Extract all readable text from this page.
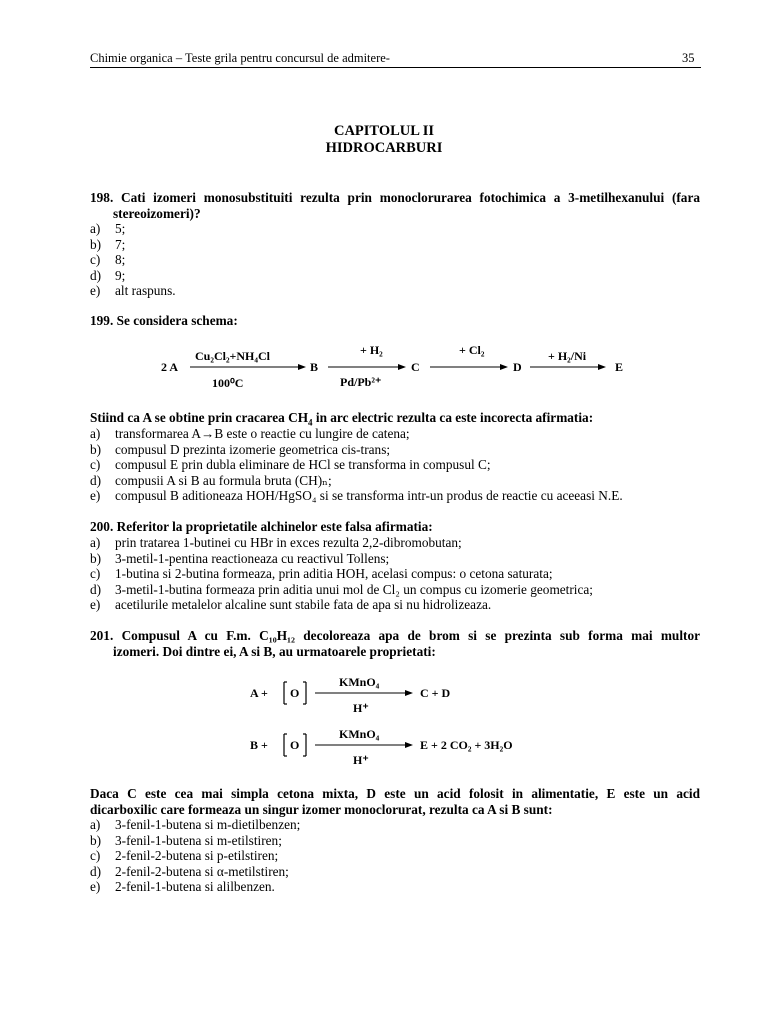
Chimie organica – Teste grila pentru concursul de admitere-	35
CAPITOLUL II
HIDROCARBURI
198. Cati izomeri monosubstituiti rezulta prin monoclorurarea fotochimica a 3-metilhexanului (fara
stereoizomeri)?
a) 5;
b) 7;
c) 8;
d) 9;
e) alt raspuns.
199. Se considera schema:
2 A
Cu₂Cl₂+NH₄Cl
100⁰C
B
+ H₂
Pd/Pb²⁺
C
+ Cl₂
D
+ H₂/Ni
E
Stiind ca A se obtine prin cracarea $CH_4$ in arc electric rezulta ca este incorecta afirmatia:
a) transformarea A→B este o reactie cu lungire de catena;
b) compusul D prezinta izomerie geometrica cis-trans;
c) compusul E prin dubla eliminare de HCl se transforma in compusul C;
d) compusii A si B au formula bruta (CH)ₙ;
e) compusul B aditioneaza HOH/HgSO₄ si se transforma intr-un produs de reactie cu aceeasi N.E.
200. Referitor la proprietatile alchinelor este falsa afirmatia:
a) prin tratarea 1-butinei cu HBr in exces rezulta 2,2-dibromobutan;
b) 3-metil-1-pentina reactioneaza cu reactivul Tollens;
c) 1-butina si 2-butina formeaza, prin aditia HOH, acelasi compus: o cetona saturata;
d) 3-metil-1-butina formeaza prin aditia unui mol de Cl₂ un compus cu izomerie geometrica;
e) acetilurile metalelor alcaline sunt stabile fata de apa si nu hidrolizeaza.
201. Compusul A cu F.m. C₁₀H₁₂ decoloreaza apa de brom si se prezinta sub forma mai multor
izomeri. Doi dintre ei, A si B, au urmatoarele proprietati:
A + O
KMnO₄
H⁺
C + D
B + O
KMnO₄
H⁺
E + 2 CO₂ + 3H₂O
Daca C este cea mai simpla cetona mixta, D este un acid folosit in alimentatie, E este un acid
dicarboxilic care formeaza un singur izomer monoclorurat, rezulta ca A si B sunt:
a) 3-fenil-1-butena si m-dietilbenzen;
b) 3-fenil-1-butena si m-etilstiren;
c) 2-fenil-2-butena si p-etilstiren;
d) 2-fenil-2-butena si α-metilstiren;
e) 2-fenil-1-butena si alilbenzen.
